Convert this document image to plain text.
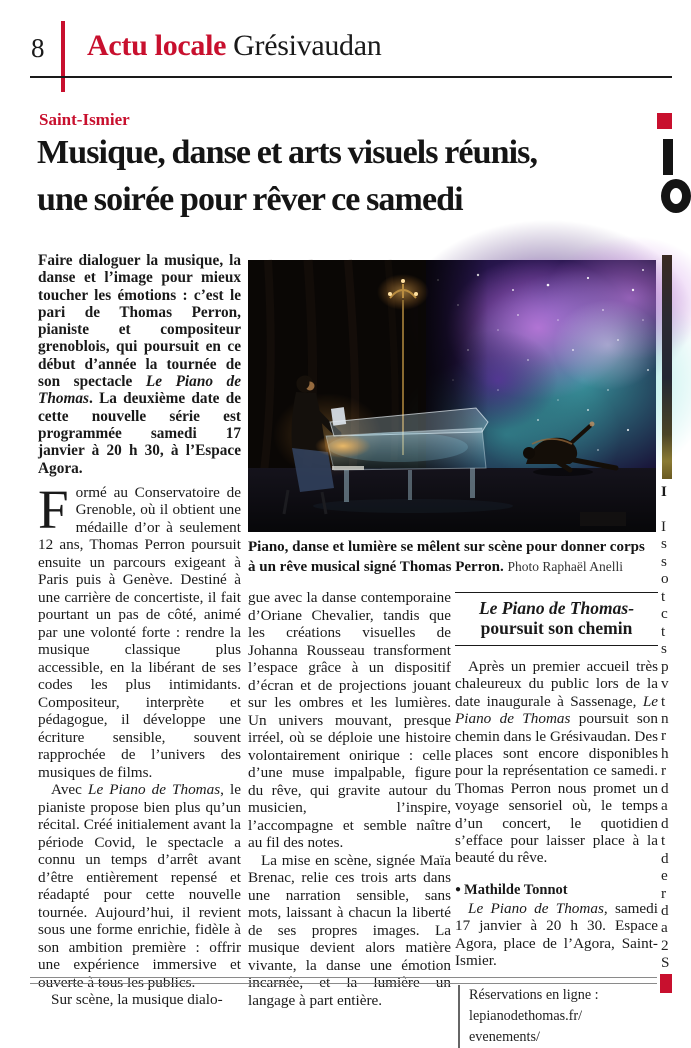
8 Actu locale Grésivaudan
Saint-Ismier
Musique, danse et arts visuels réunis,
une soirée pour rêver ce samedi
Faire dialoguer la musique, la danse et l’image pour mieux toucher les émotions : c’est le pari de Thomas Perron, pianiste et compositeur grenoblois, qui poursuit en ce début d’année la tournée de son spectacle Le Piano de Thomas. La deuxième date de cette nouvelle série est programmée samedi 17 janvier à 20 h 30, à l’Espace Agora.

Formé au Conservatoire de Grenoble, où il obtient une médaille d’or à seulement 12 ans, Thomas Perron poursuit ensuite un parcours exigeant à Paris puis à Genève. Destiné à une carrière de concertiste, il fait pourtant un pas de côté, animé par une volonté forte : rendre la musique classique plus accessible, en la libérant de ses codes les plus intimidants. Compositeur, interprète et pédagogue, il développe une écriture sensible, souvent rapprochée de l’univers des musiques de films.

Avec Le Piano de Thomas, le pianiste propose bien plus qu’un récital. Créé initialement avant la période Covid, le spectacle a connu un temps d’arrêt avant d’être entièrement repensé et réadapté pour cette nouvelle tournée. Aujourd’hui, il revient sous une forme enrichie, fidèle à son ambition première : offrir une expérience immersive et ouverte à tous les publics.

Sur scène, la musique dialo-

Piano, danse et lumière se mêlent sur scène pour donner corps à un rêve musical signé Thomas Perron. Photo Raphaël Anelli

gue avec la danse contemporaine d’Oriane Chevalier, tandis que les créations visuelles de Johanna Rousseau transforment l’espace grâce à un dispositif d’écran et de projections jouant sur les ombres et les lumières. Un univers mouvant, presque irréel, où se déploie une histoire volontairement onirique : celle d’une muse impalpable, figure du rêve, qui gravite autour du musicien, l’inspire, l’accompagne et semble naître au fil des notes.

La mise en scène, signée Maïa Brenac, relie ces trois arts dans une narration sensible, sans mots, laissant à chacun la liberté de ses propres images. La musique devient alors matière vivante, la danse une émotion incarnée, et la lumière un langage à part entière.

Le Piano de Thomas-
poursuit son chemin

Après un premier accueil très chaleureux du public lors de la date inaugurale à Sassenage, Le Piano de Thomas poursuit son chemin dans le Grésivaudan. Des places sont encore disponibles pour la représentation ce samedi. Thomas Perron nous promet un voyage sensoriel où, le temps d’un concert, le quotidien s’efface pour laisser place à la beauté du rêve.

● Mathilde Tonnot

Le Piano de Thomas, samedi 17 janvier à 20 h 30. Espace Agora, place de l’Agora, Saint-Ismier.

Réservations en ligne :
lepianodethomas.fr/
evenements/
I
I
s
s
o
t
c
t
s
p
v
t
n
r
h
r
d
a
d
t
d
e
r
d
a
2
S
